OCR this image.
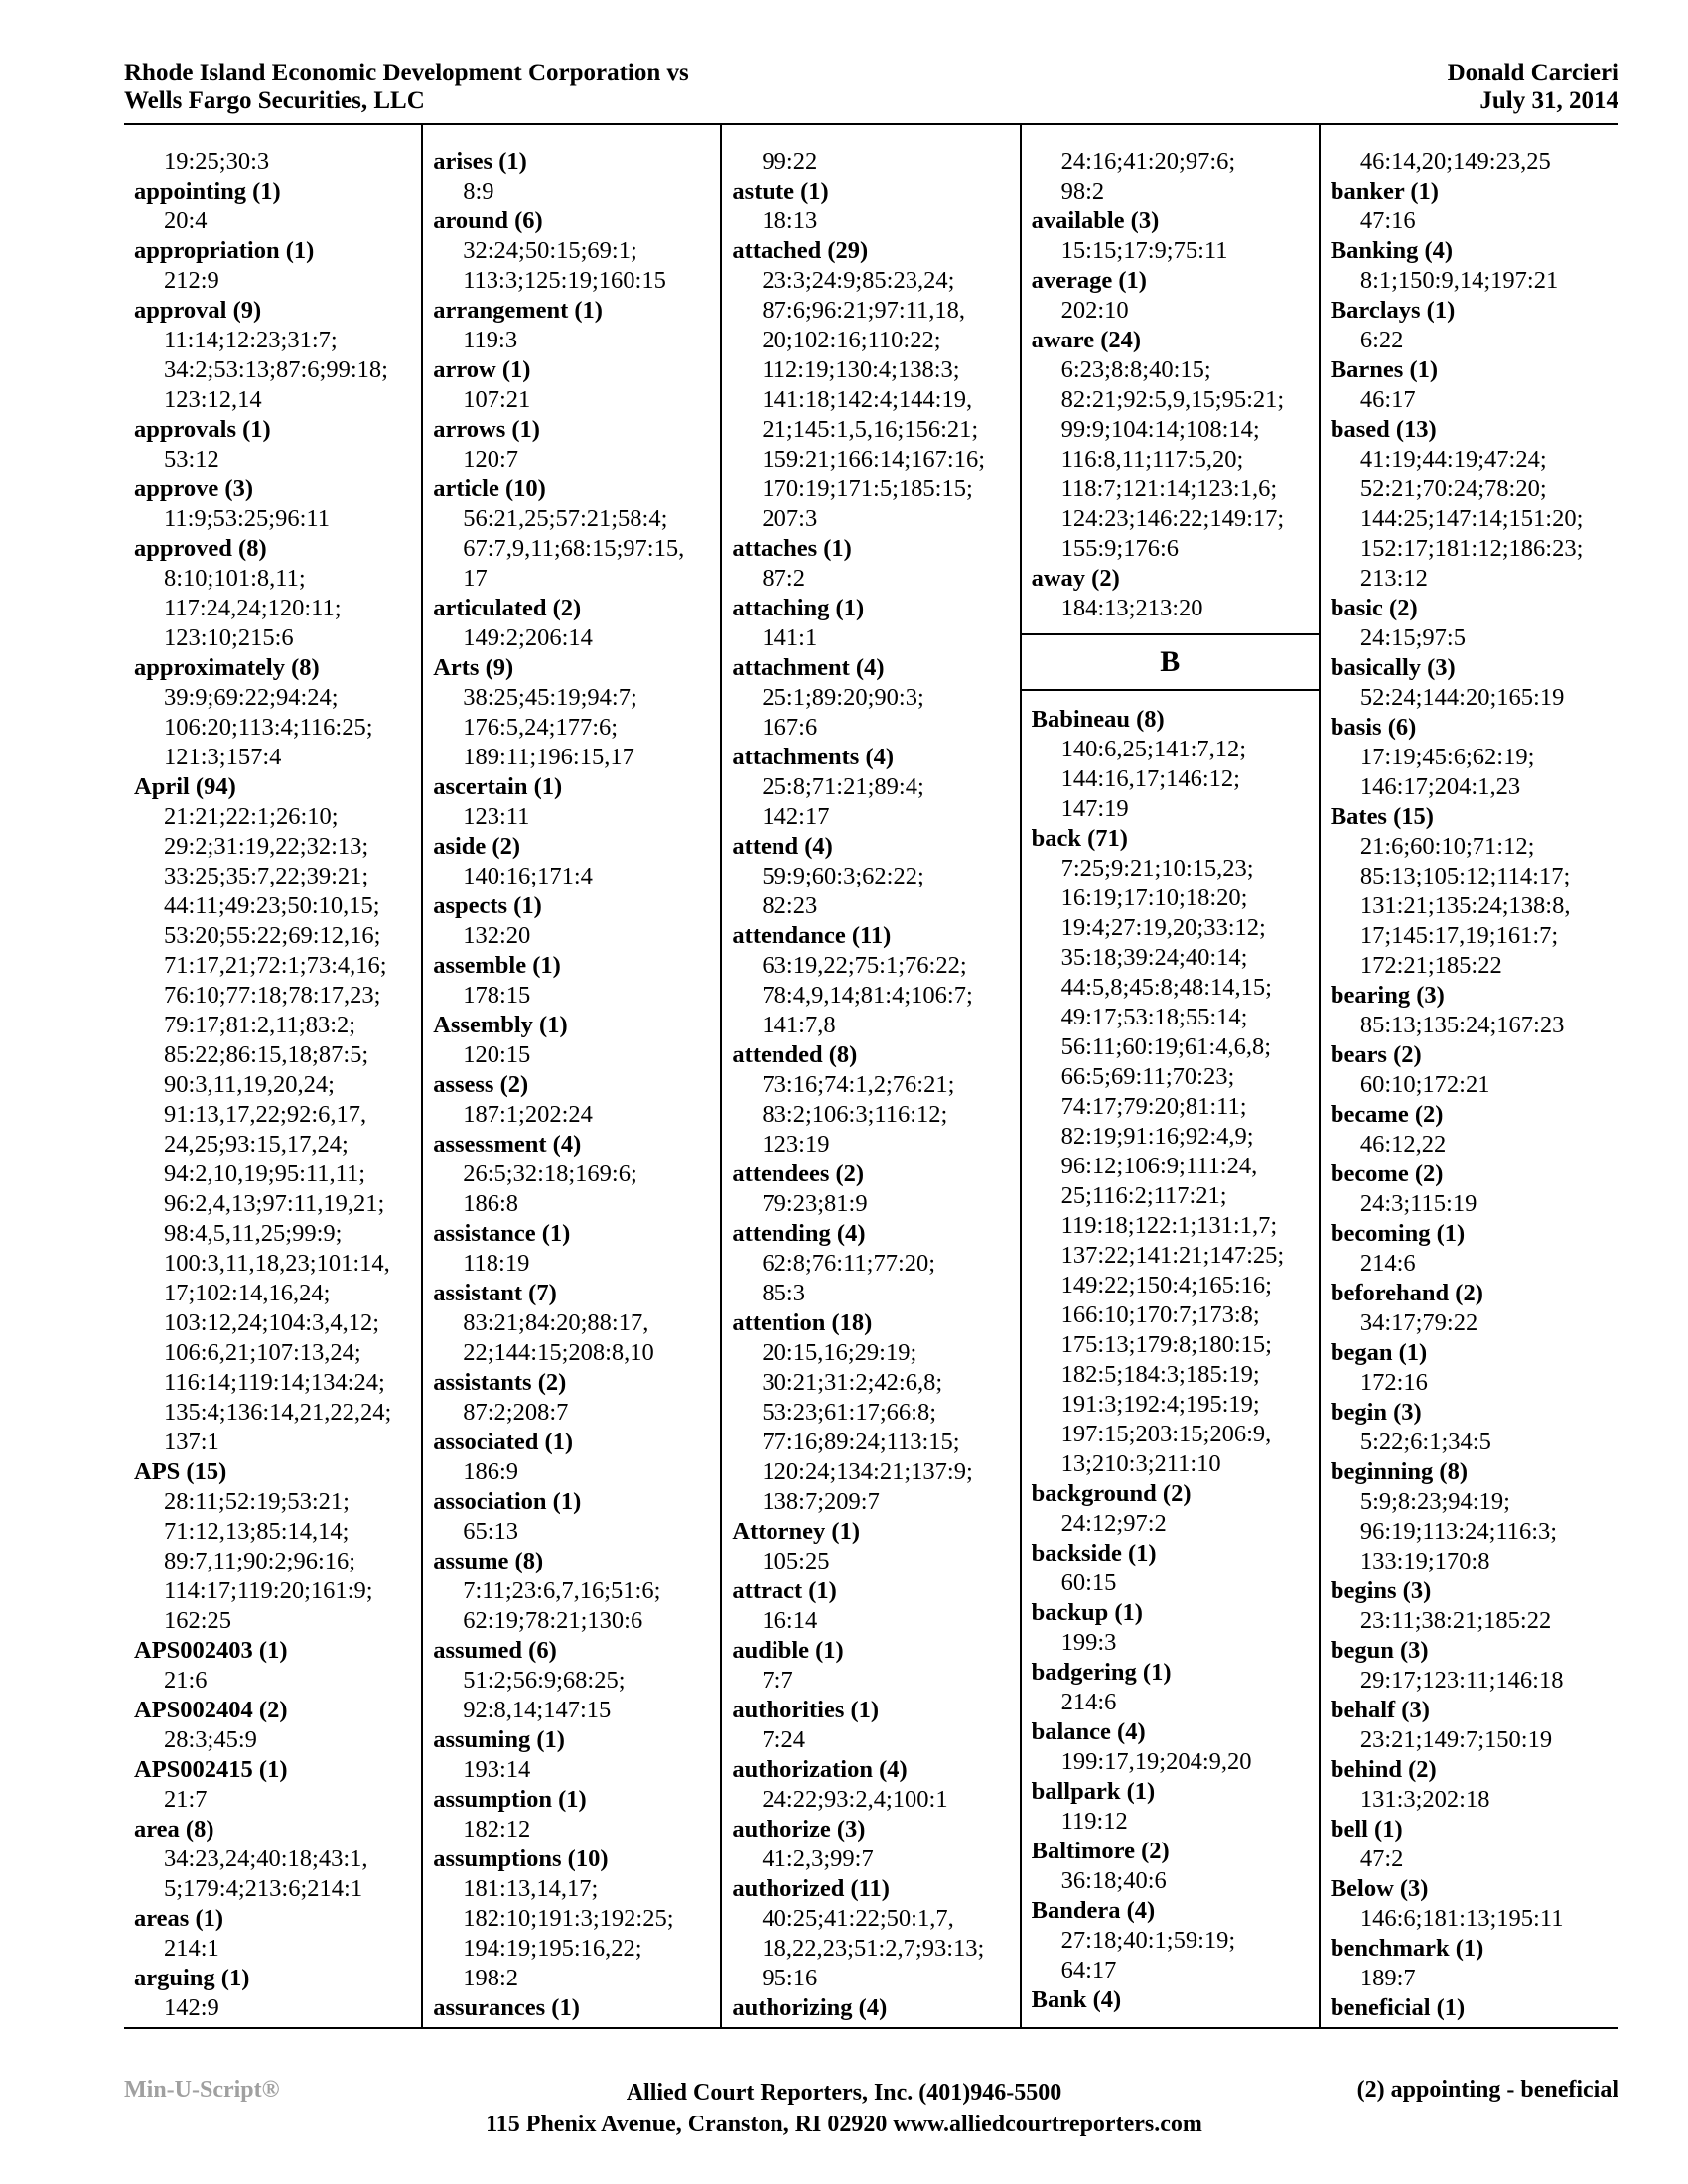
Rhode Island Economic Development Corporation vs
Wells Fargo Securities, LLC
Donald Carcieri
July 31, 2014
19:25;30:3
appointing (1)
20:4
appropriation (1)
212:9
approval (9)
11:14;12:23;31:7;
34:2;53:13;87:6;99:18;
123:12,14
approvals (1)
53:12
approve (3)
11:9;53:25;96:11
approved (8)
8:10;101:8,11;
117:24,24;120:11;
123:10;215:6
approximately (8)
39:9;69:22;94:24;
106:20;113:4;116:25;
121:3;157:4
April (94)
21:21;22:1;26:10;
29:2;31:19,22;32:13;
33:25;35:7,22;39:21;
44:11;49:23;50:10,15;
53:20;55:22;69:12,16;
71:17,21;72:1;73:4,16;
76:10;77:18;78:17,23;
79:17;81:2,11;83:2;
85:22;86:15,18;87:5;
90:3,11,19,20,24;
91:13,17,22;92:6,17,
24,25;93:15,17,24;
94:2,10,19;95:11,11;
96:2,4,13;97:11,19,21;
98:4,5,11,25;99:9;
100:3,11,18,23;101:14,
17;102:14,16,24;
103:12,24;104:3,4,12;
106:6,21;107:13,24;
116:14;119:14;134:24;
135:4;136:14,21,22,24;
137:1
APS (15)
28:11;52:19;53:21;
71:12,13;85:14,14;
89:7,11;90:2;96:16;
114:17;119:20;161:9;
162:25
APS002403 (1)
21:6
APS002404 (2)
28:3;45:9
APS002415 (1)
21:7
area (8)
34:23,24;40:18;43:1,
5;179:4;213:6;214:1
areas (1)
214:1
arguing (1)
142:9
arises (1)
8:9
around (6)
32:24;50:15;69:1;
113:3;125:19;160:15
arrangement (1)
119:3
arrow (1)
107:21
arrows (1)
120:7
article (10)
56:21,25;57:21;58:4;
67:7,9,11;68:15;97:15,
17
articulated (2)
149:2;206:14
Arts (9)
38:25;45:19;94:7;
176:5,24;177:6;
189:11;196:15,17
ascertain (1)
123:11
aside (2)
140:16;171:4
aspects (1)
132:20
assemble (1)
178:15
Assembly (1)
120:15
assess (2)
187:1;202:24
assessment (4)
26:5;32:18;169:6;
186:8
assistance (1)
118:19
assistant (7)
83:21;84:20;88:17,
22;144:15;208:8,10
assistants (2)
87:2;208:7
associated (1)
186:9
association (1)
65:13
assume (8)
7:11;23:6,7,16;51:6;
62:19;78:21;130:6
assumed (6)
51:2;56:9;68:25;
92:8,14;147:15
assuming (1)
193:14
assumption (1)
182:12
assumptions (10)
181:13,14,17;
182:10;191:3;192:25;
194:19;195:16,22;
198:2
assurances (1)
99:22
astute (1)
18:13
attached (29)
23:3;24:9;85:23,24;
87:6;96:21;97:11,18,
20;102:16;110:22;
112:19;130:4;138:3;
141:18;142:4;144:19,
21;145:1,5,16;156:21;
159:21;166:14;167:16;
170:19;171:5;185:15;
207:3
attaches (1)
87:2
attaching (1)
141:1
attachment (4)
25:1;89:20;90:3;
167:6
attachments (4)
25:8;71:21;89:4;
142:17
attend (4)
59:9;60:3;62:22;
82:23
attendance (11)
63:19,22;75:1;76:22;
78:4,9,14;81:4;106:7;
141:7,8
attended (8)
73:16;74:1,2;76:21;
83:2;106:3;116:12;
123:19
attendees (2)
79:23;81:9
attending (4)
62:8;76:11;77:20;
85:3
attention (18)
20:15,16;29:19;
30:21;31:2;42:6,8;
53:23;61:17;66:8;
77:16;89:24;113:15;
120:24;134:21;137:9;
138:7;209:7
Attorney (1)
105:25
attract (1)
16:14
audible (1)
7:7
authorities (1)
7:24
authorization (4)
24:22;93:2,4;100:1
authorize (3)
41:2,3;99:7
authorized (11)
40:25;41:22;50:1,7,
18,22,23;51:2,7;93:13;
95:16
authorizing (4)
24:16;41:20;97:6;
98:2
available (3)
15:15;17:9;75:11
average (1)
202:10
aware (24)
6:23;8:8;40:15;
82:21;92:5,9,15;95:21;
99:9;104:14;108:14;
116:8,11;117:5,20;
118:7;121:14;123:1,6;
124:23;146:22;149:17;
155:9;176:6
away (2)
184:13;213:20
B
Babineau (8)
140:6,25;141:7,12;
144:16,17;146:12;
147:19
back (71)
7:25;9:21;10:15,23;
16:19;17:10;18:20;
19:4;27:19,20;33:12;
35:18;39:24;40:14;
44:5,8;45:8;48:14,15;
49:17;53:18;55:14;
56:11;60:19;61:4,6,8;
66:5;69:11;70:23;
74:17;79:20;81:11;
82:19;91:16;92:4,9;
96:12;106:9;111:24,
25;116:2;117:21;
119:18;122:1;131:1,7;
137:22;141:21;147:25;
149:22;150:4;165:16;
166:10;170:7;173:8;
175:13;179:8;180:15;
182:5;184:3;185:19;
191:3;192:4;195:19;
197:15;203:15;206:9,
13;210:3;211:10
background (2)
24:12;97:2
backside (1)
60:15
backup (1)
199:3
badgering (1)
214:6
balance (4)
199:17,19;204:9,20
ballpark (1)
119:12
Baltimore (2)
36:18;40:6
Bandera (4)
27:18;40:1;59:19;
64:17
Bank (4)
46:14,20;149:23,25
banker (1)
47:16
Banking (4)
8:1;150:9,14;197:21
Barclays (1)
6:22
Barnes (1)
46:17
based (13)
41:19;44:19;47:24;
52:21;70:24;78:20;
144:25;147:14;151:20;
152:17;181:12;186:23;
213:12
basic (2)
24:15;97:5
basically (3)
52:24;144:20;165:19
basis (6)
17:19;45:6;62:19;
146:17;204:1,23
Bates (15)
21:6;60:10;71:12;
85:13;105:12;114:17;
131:21;135:24;138:8,
17;145:17,19;161:7;
172:21;185:22
bearing (3)
85:13;135:24;167:23
bears (2)
60:10;172:21
became (2)
46:12,22
become (2)
24:3;115:19
becoming (1)
214:6
beforehand (2)
34:17;79:22
began (1)
172:16
begin (3)
5:22;6:1;34:5
beginning (8)
5:9;8:23;94:19;
96:19;113:24;116:3;
133:19;170:8
begins (3)
23:11;38:21;185:22
begun (3)
29:17;123:11;146:18
behalf (3)
23:21;149:7;150:19
behind (2)
131:3;202:18
bell (1)
47:2
Below (3)
146:6;181:13;195:11
benchmark (1)
189:7
beneficial (1)
Min-U-Script®	Allied Court Reporters, Inc. (401)946-5500
115 Phenix Avenue, Cranston, RI 02920 www.alliedcourtreporters.com
(2) appointing - beneficial
